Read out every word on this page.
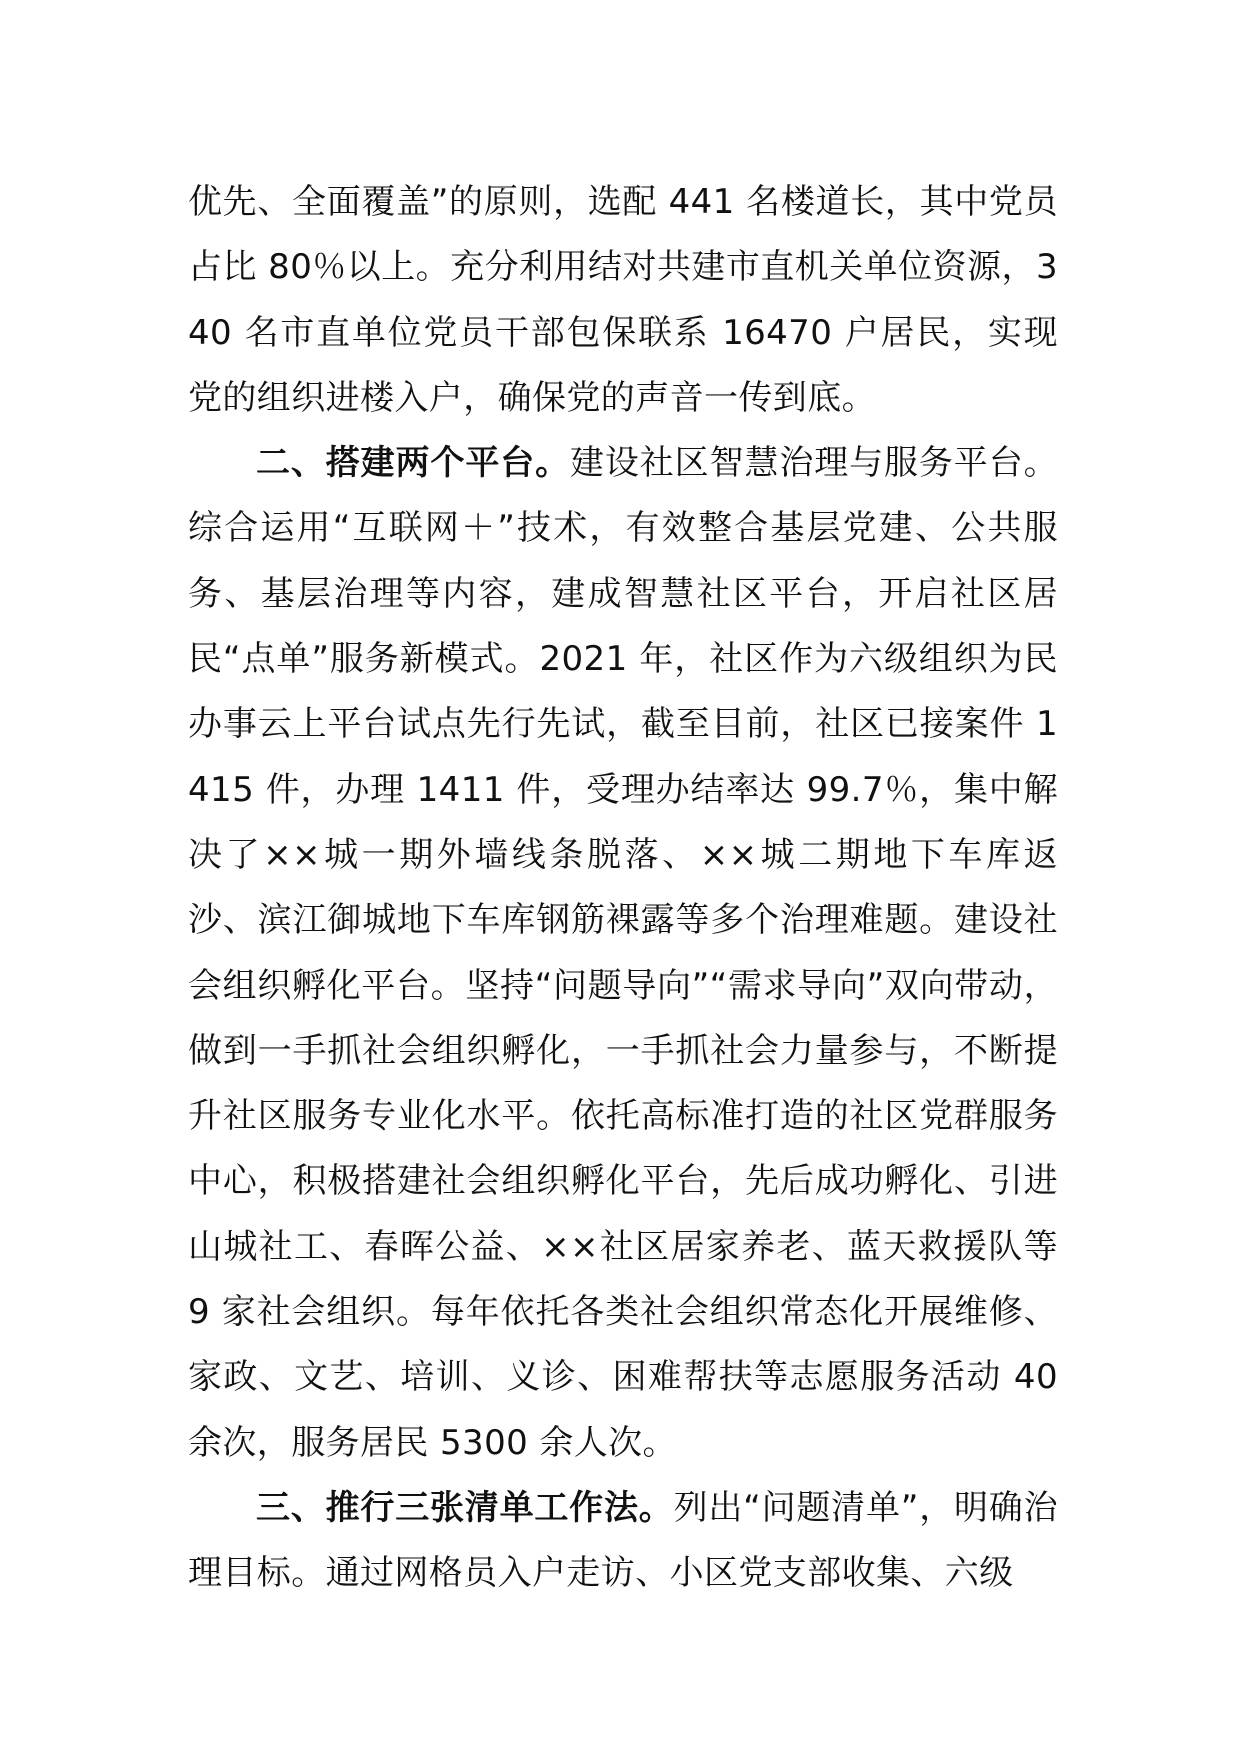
优先、全面覆盖”的原则，选配 441 名楼道长，其中党员占比 80％以上。充分利用结对共建市直机关单位资源，340 名市直单位党员干部包保联系 16470 户居民，实现党的组织进楼入户，确保党的声音一传到底。

二、搭建两个平台。建设社区智慧治理与服务平台。综合运用“互联网＋”技术，有效整合基层党建、公共服务、基层治理等内容，建成智慧社区平台，开启社区居民“点单”服务新模式。2021 年，社区作为六级组织为民办事云上平台试点先行先试，截至目前，社区已接案件 1415 件，办理 1411 件，受理办结率达 99.7％，集中解决了××城一期外墙线条脱落、××城二期地下车库返沙、滨江御城地下车库钢筋裸露等多个治理难题。建设社会组织孵化平台。坚持“问题导向”“需求导向”双向带动，做到一手抓社会组织孵化，一手抓社会力量参与，不断提升社区服务专业化水平。依托高标准打造的社区党群服务中心，积极搭建社会组织孵化平台，先后成功孵化、引进山城社工、春晖公益、××社区居家养老、蓝天救援队等 9 家社会组织。每年依托各类社会组织常态化开展维修、家政、文艺、培训、义诊、困难帮扶等志愿服务活动 40 余次，服务居民 5300 余人次。

三、推行三张清单工作法。列出“问题清单”，明确治理目标。通过网格员入户走访、小区党支部收集、六级
